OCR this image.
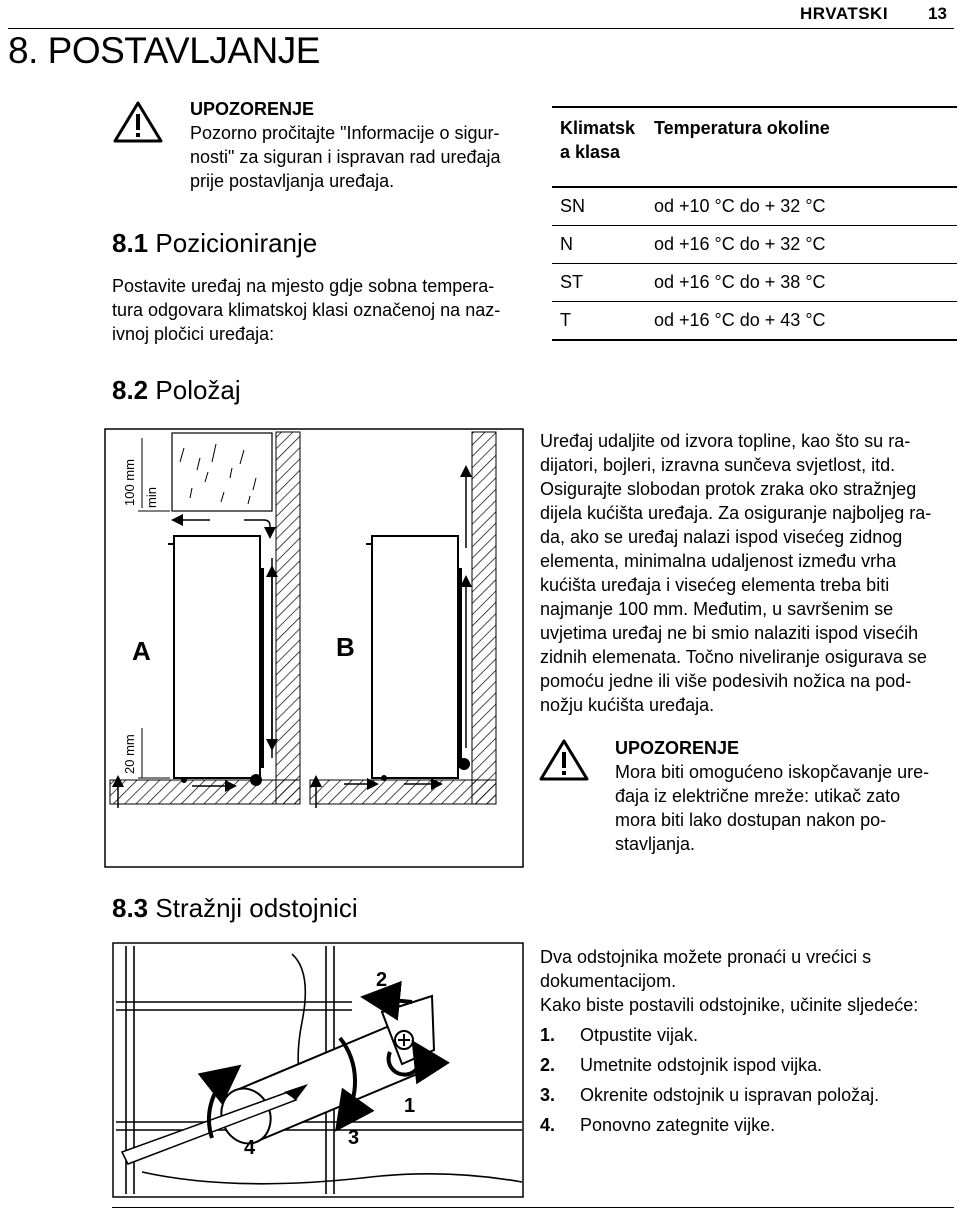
HRVATSKI 13
8. POSTAVLJANJE
UPOZORENJE
Pozorno pročitajte "Informacije o sigur-
nosti" za siguran i ispravan rad uređaja
prije postavljanja uređaja.
8.1 Pozicioniranje
Postavite uređaj na mjesto gdje sobna tempera-
tura odgovara klimatskoj klasi označenoj na naz-
ivnoj pločici uređaja:
Klimatsk
a klasa	Temperatura okoline
SN	od +10 °C do + 32 °C
N	od +16 °C do + 32 °C
ST	od +16 °C do + 38 °C
T	od +16 °C do + 43 °C
8.2 Položaj
A	B
100 mm min
20 mm
Uređaj udaljite od izvora topline, kao što su ra-
dijatori, bojleri, izravna sunčeva svjetlost, itd.
Osigurajte slobodan protok zraka oko stražnjeg
dijela kućišta uređaja. Za osiguranje najboljeg ra-
da, ako se uređaj nalazi ispod visećeg zidnog
elementa, minimalna udaljenost između vrha
kućišta uređaja i visećeg elementa treba biti
najmanje 100 mm. Međutim, u savršenim se
uvjetima uređaj ne bi smio nalaziti ispod visećih
zidnih elemenata. Točno niveliranje osigurava se
pomoću jedne ili više podesivih nožica na pod-
nožju kućišta uređaja.
UPOZORENJE
Mora biti omogućeno iskopčavanje ure-
đaja iz električne mreže: utikač zato
mora biti lako dostupan nakon po-
stavljanja.
8.3 Stražnji odstojnici
2
1
3
4
Dva odstojnika možete pronaći u vrećici s
dokumentacijom.
Kako biste postavili odstojnike, učinite sljedeće:
1.	Otpustite vijak.
2.	Umetnite odstojnik ispod vijka.
3.	Okrenite odstojnik u ispravan položaj.
4.	Ponovno zategnite vijke.
